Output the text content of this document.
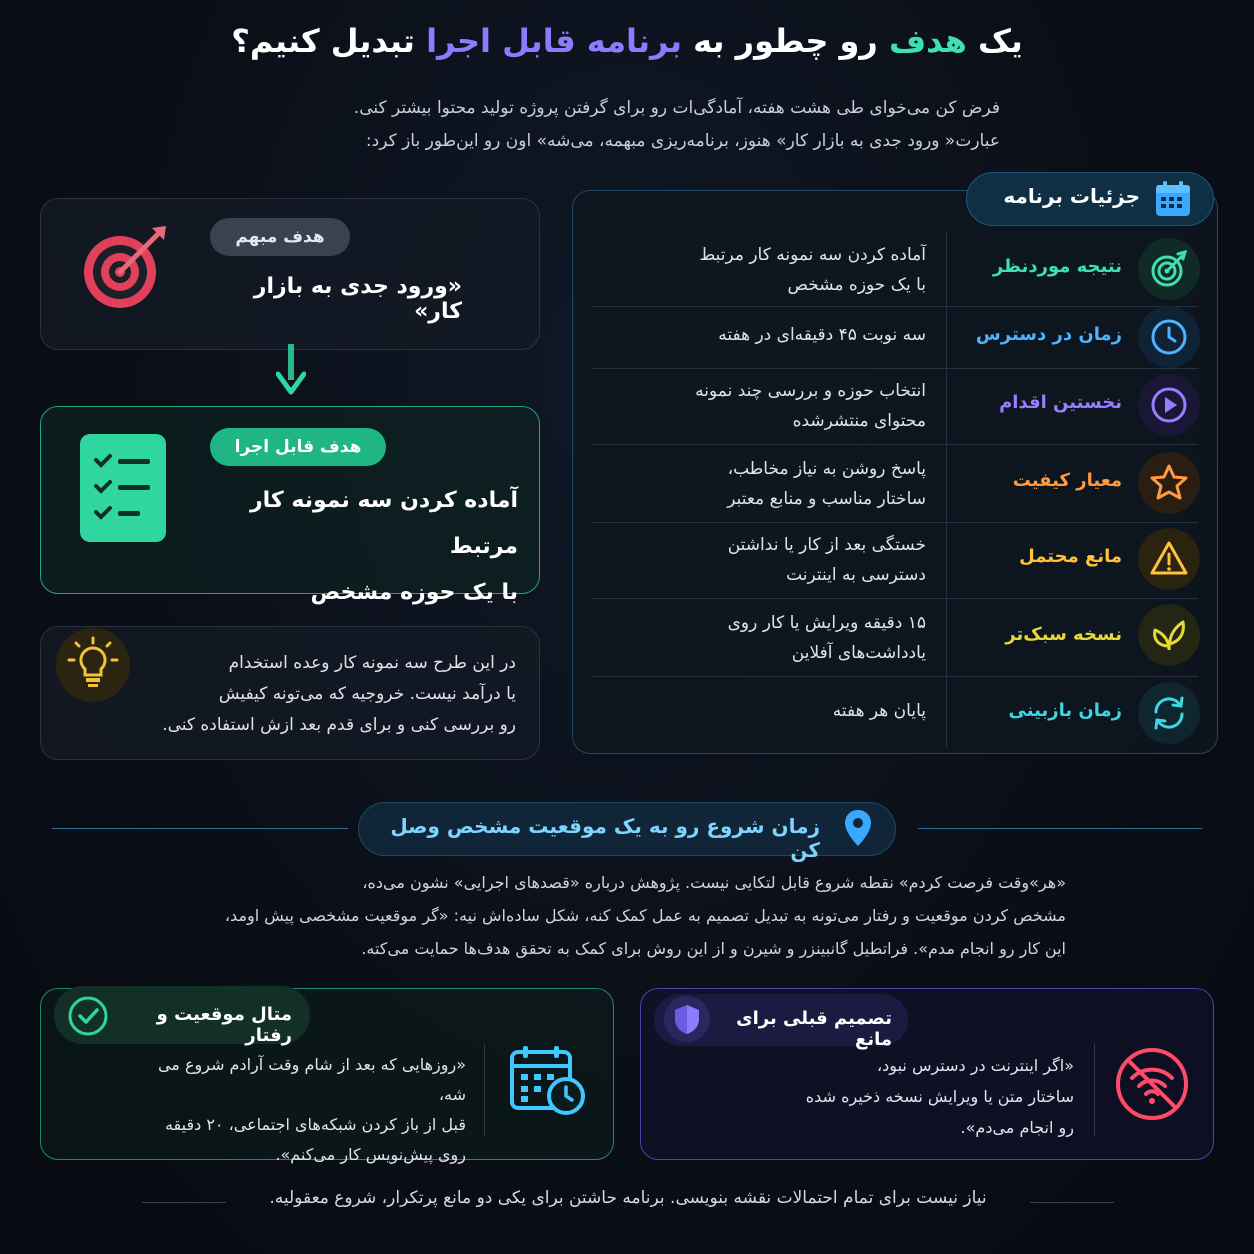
یک هدف رو چطور به برنامه قابل اجرا تبدیل کنیم؟

فرض کن می‌خوای طی هشت هفته، آمادگی‌ات رو برای گرفتن پروژه تولید محتوا بیشتر کنی.

عبارت« ورود جدی به بازار کار» هنوز، برنامه‌ریزی مبهمه، می‌شه» اون رو این‌طور باز کرد:

هدف مبهم
«ورود جدی به بازار کار»
هدف قابل اجرا
آماده کردن سه نمونه کار مرتبط
با یک حوزه مشخص
در این طرح سه نمونه کار وعده استخدام
یا درآمد نیست. خروجیه که می‌تونه کیفیش
رو بررسی کنی و برای قدم بعد ازش استفاده کنی.
جزئیات برنامه
نتیجه موردنظر
آماده کردن سه نمونه کار مرتبط
با یک حوزه مشخص
زمان در دسترس
سه نوبت ۴۵ دقیقه‌ای در هفته
نخستین اقدام
انتخاب حوزه و بررسی چند نمونه
محتوای منتشرشده
معیار کیفیت
پاسخ روشن به نیاز مخاطب،
ساختار مناسب و منابع معتبر
مانع محتمل
خستگی بعد از کار یا نداشتن
دسترسی به اینترنت
نسخه سبک‌تر
۱۵ دقیقه ویرایش یا کار روی
یادداشت‌های آفلاین
زمان بازبینی
پایان هر هفته
زمان شروع رو به یک موقعیت مشخص وصل کن
«هر»وقت فرصت کردم» نقطه شروع قابل لتکایی نیست. پژوهش درباره «قصدهای اجرایی» نشون می‌ده،
مشخص کردن موقعیت و رفتار می‌تونه به تبدیل تصمیم به عمل کمک کنه، شکل ساده‌اش نیه: «گر موقعیت مشخصی پیش اومد،
این کار رو انجام مدم». فراتطیل گانبینزر و شیرن و از این روش برای کمک به تحقق هدف‌ها حمایت می‌کته.
متال موقعیت و رفتار
«روزهایی که بعد از شام وقت آرادم شروع می شه،
قبل از باز کردن شبکه‌های اجتماعی، ۲۰ دقیقه
روی پیش‌نویس کار می‌کنم».
تصمیم قبلی برای مانع
«اگر اینترنت در دسترس نبود،
ساختار متن یا ویرایش نسخه ذخیره شده
رو انجام می‌دم».
نیاز نیست برای تمام احتمالات نقشه بنویسی. برنامه حاشتن برای یکی دو مانع پرتکرار، شروع معقولیه.
